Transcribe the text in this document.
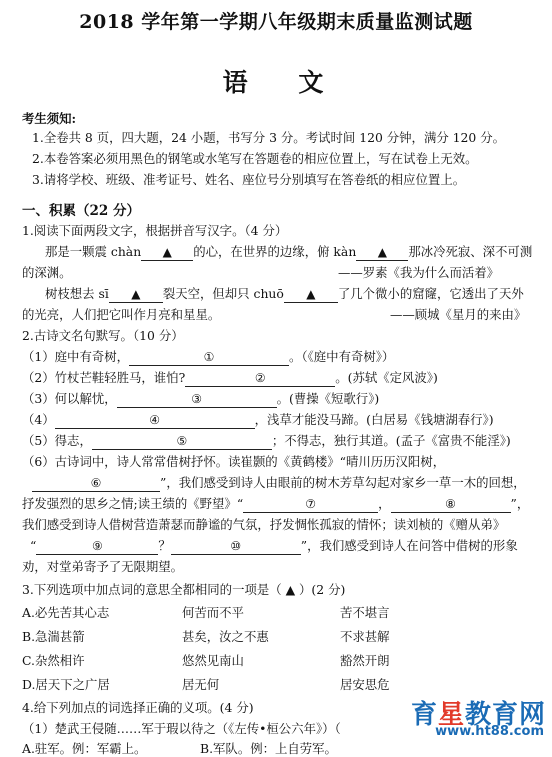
2018 学年第一学期八年级期末质量监测试题
语 文
考生须知:
1.全卷共 8 页，四大题，24 小题，书写分 3 分。考试时间 120 分钟，满分 120 分。
2.本卷答案必须用黑色的钢笔或水笔写在答题卷的相应位置上，写在试卷上无效。
3.请将学校、班级、准考证号、姓名、座位号分别填写在答卷纸的相应位置上。
一、积累（22 分）
1.阅读下面两段文字，根据拼音写汉字。（4 分）
那是一颗震 chàn ▲ 的心，在世界的边缘，俯 kàn ▲ 那冰冷死寂、深不可测
的深渊。	——罗素《我为什么而活着》
树枝想去 sī ▲ 裂天空，但却只 chuō ▲ 了几个微小的窟窿，它透出了天外
的光亮，人们把它叫作月亮和星星。	——顾城《星月的来由》
2.古诗文名句默写。（10 分）
（1）庭中有奇树，	①	。（《庭中有奇树》）
（2）竹杖芒鞋轻胜马，谁怕?	②	。(苏轼《定风波》)
（3）何以解忧，	③	。(曹操《短歌行》)
（4）	④	，浅草才能没马蹄。(白居易《钱塘湖春行》)
（5）得志，	⑤	；不得志，独行其道。(孟子《富贵不能淫》)
（6）古诗词中，诗人常常借树抒怀。读崔颢的《黄鹤楼》“晴川历历汉阳树，
⑥	”，我们感受到诗人由眼前的树木芳草勾起对家乡一草一木的回想，
抒发强烈的思乡之情;读王绩的《野望》“	⑦	，	⑧	”，
我们感受到诗人借树营造萧瑟而静谧的气氛，抒发惆怅孤寂的情怀；读刘桢的《赠从弟》
“	⑨	？	⑩	”，我们感受到诗人在问答中借树的形象
劝，对堂弟寄予了无限期望。
3.下列选项中加点词的意思全都相同的一项是（ ▲ ）(2 分)
A.必先苦其心志	何苦而不平	苦不堪言
B.急湍甚箭	甚矣，汝之不惠	不求甚解
C.杂然相许	悠然见南山	豁然开朗
D.居天下之广居	居无何	居安思危
4.给下列加点的词选择正确的义项。(4 分)
（1）楚武王侵随……军于瑕以待之（《左传•桓公六年》）（
A.驻军。例：军霸上。	B.军队。例：上自劳军。
育星教育网
www.ht88.com
